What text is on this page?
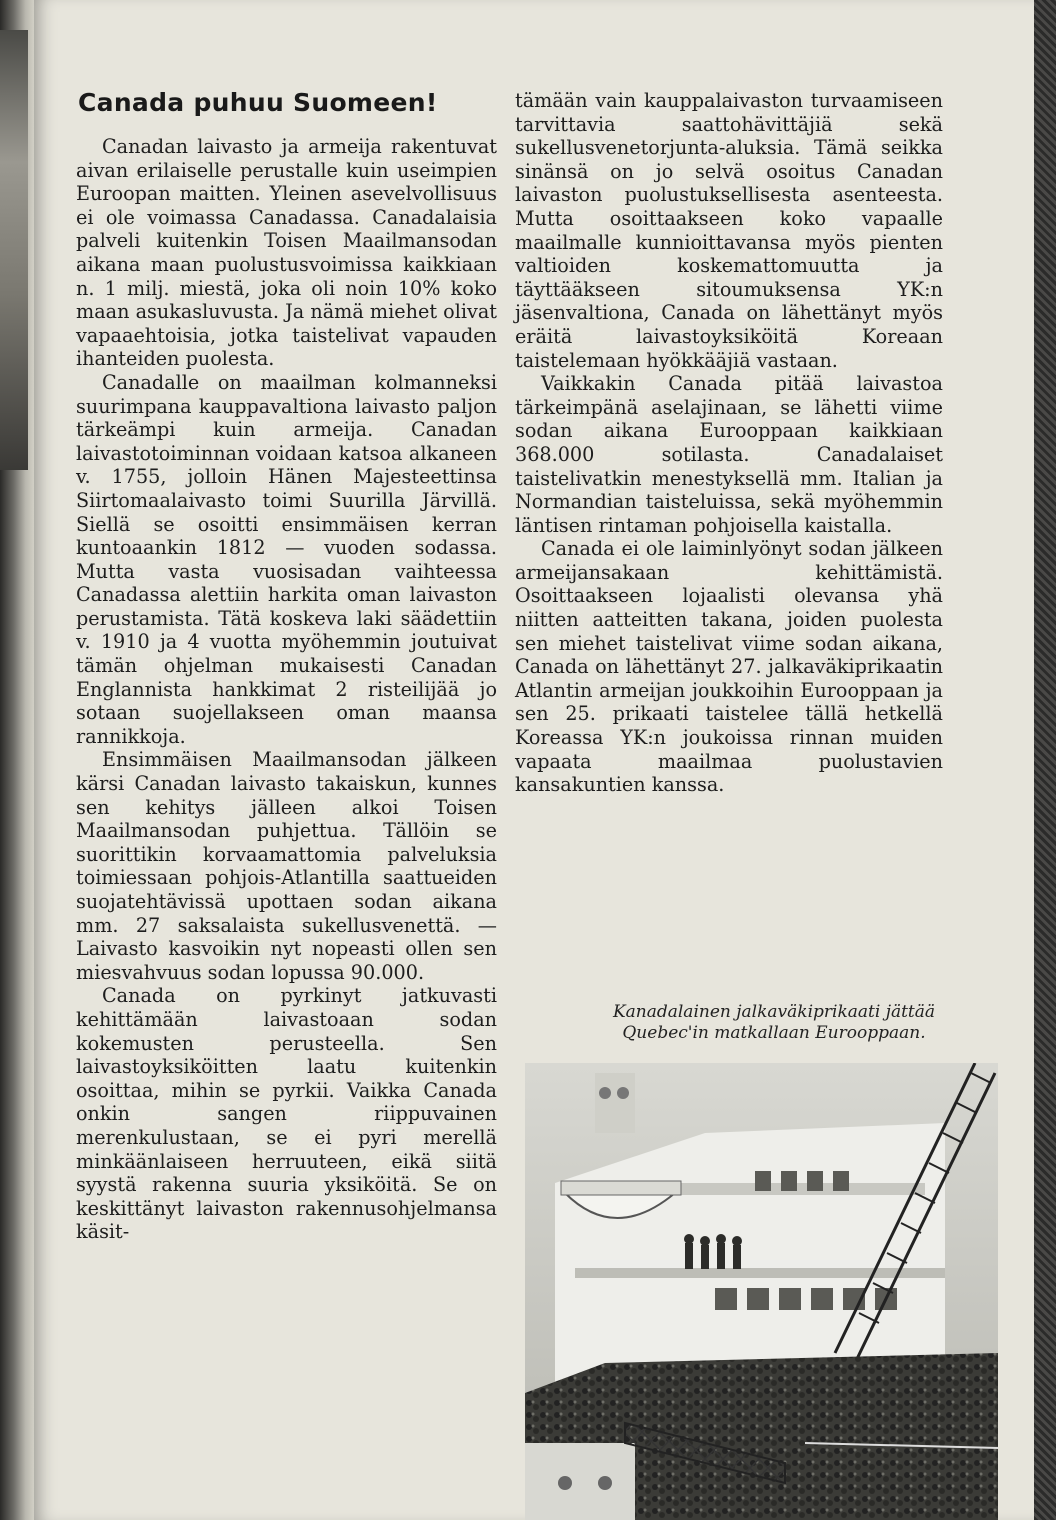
Canada puhuu Suomeen!

Canadan laivasto ja armeija rakentuvat aivan erilaiselle perustalle kuin useimpien Euroopan maitten. Yleinen asevelvollisuus ei ole voimassa Canadassa. Canadalaisia palveli kuitenkin Toisen Maailmansodan aikana maan puolustusvoimissa kaikkiaan n. 1 milj. miestä, joka oli noin 10% koko maan asukasluvusta. Ja nämä miehet olivat vapaaehtoisia, jotka taistelivat vapauden ihanteiden puolesta.

Canadalle on maailman kolmanneksi suurimpana kauppavaltiona laivasto paljon tärkeämpi kuin armeija. Canadan laivastotoiminnan voidaan katsoa alkaneen v. 1755, jolloin Hänen Majesteettinsa Siirtomaalaivasto toimi Suurilla Järvillä. Siellä se osoitti ensimmäisen kerran kuntoaankin 1812 — vuoden sodassa. Mutta vasta vuosisadan vaihteessa Canadassa alettiin harkita oman laivaston perustamista. Tätä koskeva laki säädettiin v. 1910 ja 4 vuotta myöhemmin joutuivat tämän ohjelman mukaisesti Canadan Englannista hankkimat 2 risteilijää jo sotaan suojellakseen oman maansa rannikkoja.

Ensimmäisen Maailmansodan jälkeen kärsi Canadan laivasto takaiskun, kunnes sen kehitys jälleen alkoi Toisen Maailmansodan puhjettua. Tällöin se suorittikin korvaamattomia palveluksia toimiessaan pohjois-Atlantilla saattueiden suojatehtävissä upottaen sodan aikana mm. 27 saksalaista sukellusvenettä. — Laivasto kasvoikin nyt nopeasti ollen sen miesvahvuus sodan lopussa 90.000.

Canada on pyrkinyt jatkuvasti kehittämään laivastoaan sodan kokemusten perusteella. Sen laivastoyksiköitten laatu kuitenkin osoittaa, mihin se pyrkii. Vaikka Canada onkin sangen riippuvainen merenkulustaan, se ei pyri merellä minkäänlaiseen herruuteen, eikä siitä syystä rakenna suuria yksiköitä. Se on keskittänyt laivaston rakennusohjelmansa käsit-

tämään vain kauppalaivaston turvaamiseen tarvittavia saattohävittäjiä sekä sukellusvenetorjunta-aluksia. Tämä seikka sinänsä on jo selvä osoitus Canadan laivaston puolustuksellisesta asenteesta. Mutta osoittaakseen koko vapaalle maailmalle kunnioittavansa myös pienten valtioiden koskemattomuutta ja täyttääkseen sitoumuksensa YK:n jäsenvaltiona, Canada on lähettänyt myös eräitä laivastoyksiköitä Koreaan taistelemaan hyökkääjiä vastaan.

Vaikkakin Canada pitää laivastoa tärkeimpänä aselajinaan, se lähetti viime sodan aikana Eurooppaan kaikkiaan 368.000 sotilasta. Canadalaiset taistelivatkin menestyksellä mm. Italian ja Normandian taisteluissa, sekä myöhemmin läntisen rintaman pohjoisella kaistalla.

Canada ei ole laiminlyönyt sodan jälkeen armeijansakaan kehittämistä. Osoittaakseen lojaalisti olevansa yhä niitten aatteitten takana, joiden puolesta sen miehet taistelivat viime sodan aikana, Canada on lähettänyt 27. jalkaväkiprikaatin Atlantin armeijan joukkoihin Eurooppaan ja sen 25. prikaati taistelee tällä hetkellä Koreassa YK:n joukoissa rinnan muiden vapaata maailmaa puolustavien kansakuntien kanssa.

Kanadalainen jalkaväkiprikaati jättää
Quebec'in matkallaan Eurooppaan.
